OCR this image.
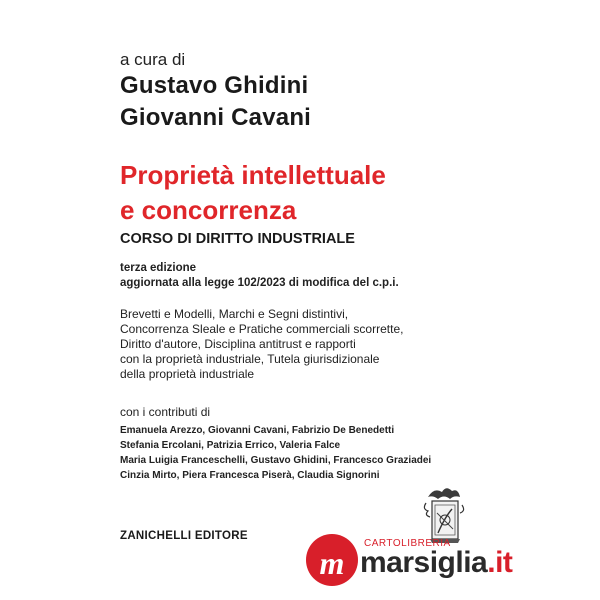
a cura di
Gustavo Ghidini
Giovanni Cavani
Proprietà intellettuale
e concorrenza
CORSO DI DIRITTO INDUSTRIALE
terza edizione
aggiornata alla legge 102/2023 di modifica del c.p.i.
Brevetti e Modelli, Marchi e Segni distintivi,
Concorrenza Sleale e Pratiche commerciali scorrette,
Diritto d'autore, Disciplina antitrust e rapporti
con la proprietà industriale, Tutela giurisdizionale
della proprietà industriale
con i contributi di
Emanuela Arezzo, Giovanni Cavani, Fabrizio De Benedetti
Stefania Ercolani, Patrizia Errico, Valeria Falce
Maria Luigia Franceschelli, Gustavo Ghidini, Francesco Graziadei
Cinzia Mirto, Piera Francesca Piserà, Claudia Signorini
ZANICHELLI EDITORE
m
CARTOLIBRERIA
marsiglia.it
